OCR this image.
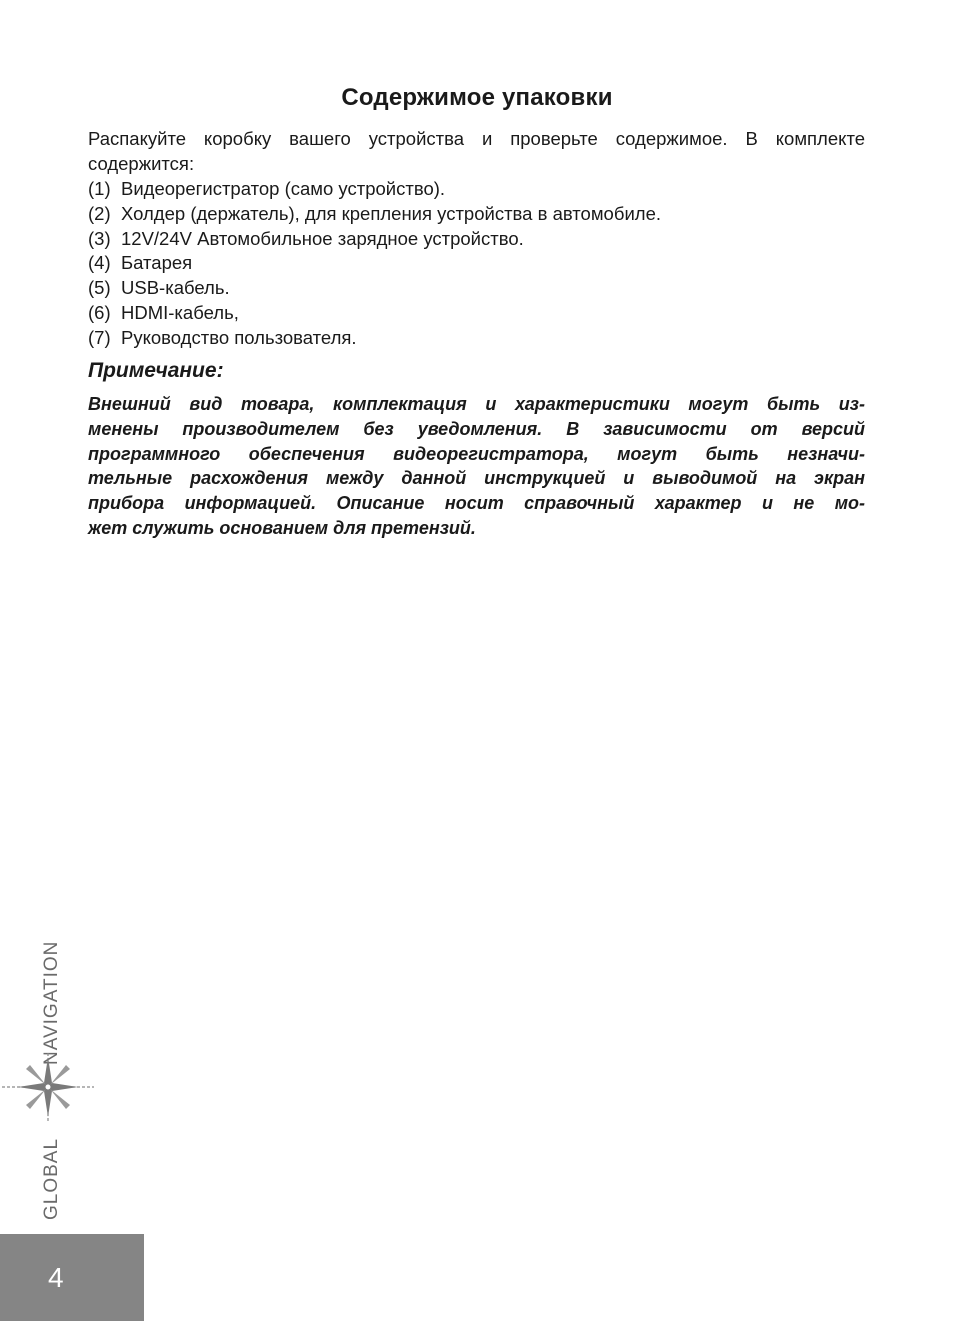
Содержимое упаковки

Распакуйте коробку вашего устройства и проверьте содержимое. В комплекте содержится:

(1) Видеорегистратор (само устройство).
(2) Холдер (держатель), для крепления устройства в автомобиле.
(3) 12V/24V Автомобильное зарядное устройство.
(4) Батарея
(5) USB-кабель.
(6) HDMI-кабель,
(7) Руководство пользователя.
Примечание:

Внешний вид товара, комплектация и характеристики могут быть из-
менены производителем без уведомления. В зависимости от версий
программного обеспечения видеорегистратора, могут быть незначи-
тельные расхождения между данной инструкцией и выводимой на экран
прибора информацией. Описание носит справочный характер и не мо-
жет служить основанием для претензий.

GLOBAL
NAVIGATION
4
